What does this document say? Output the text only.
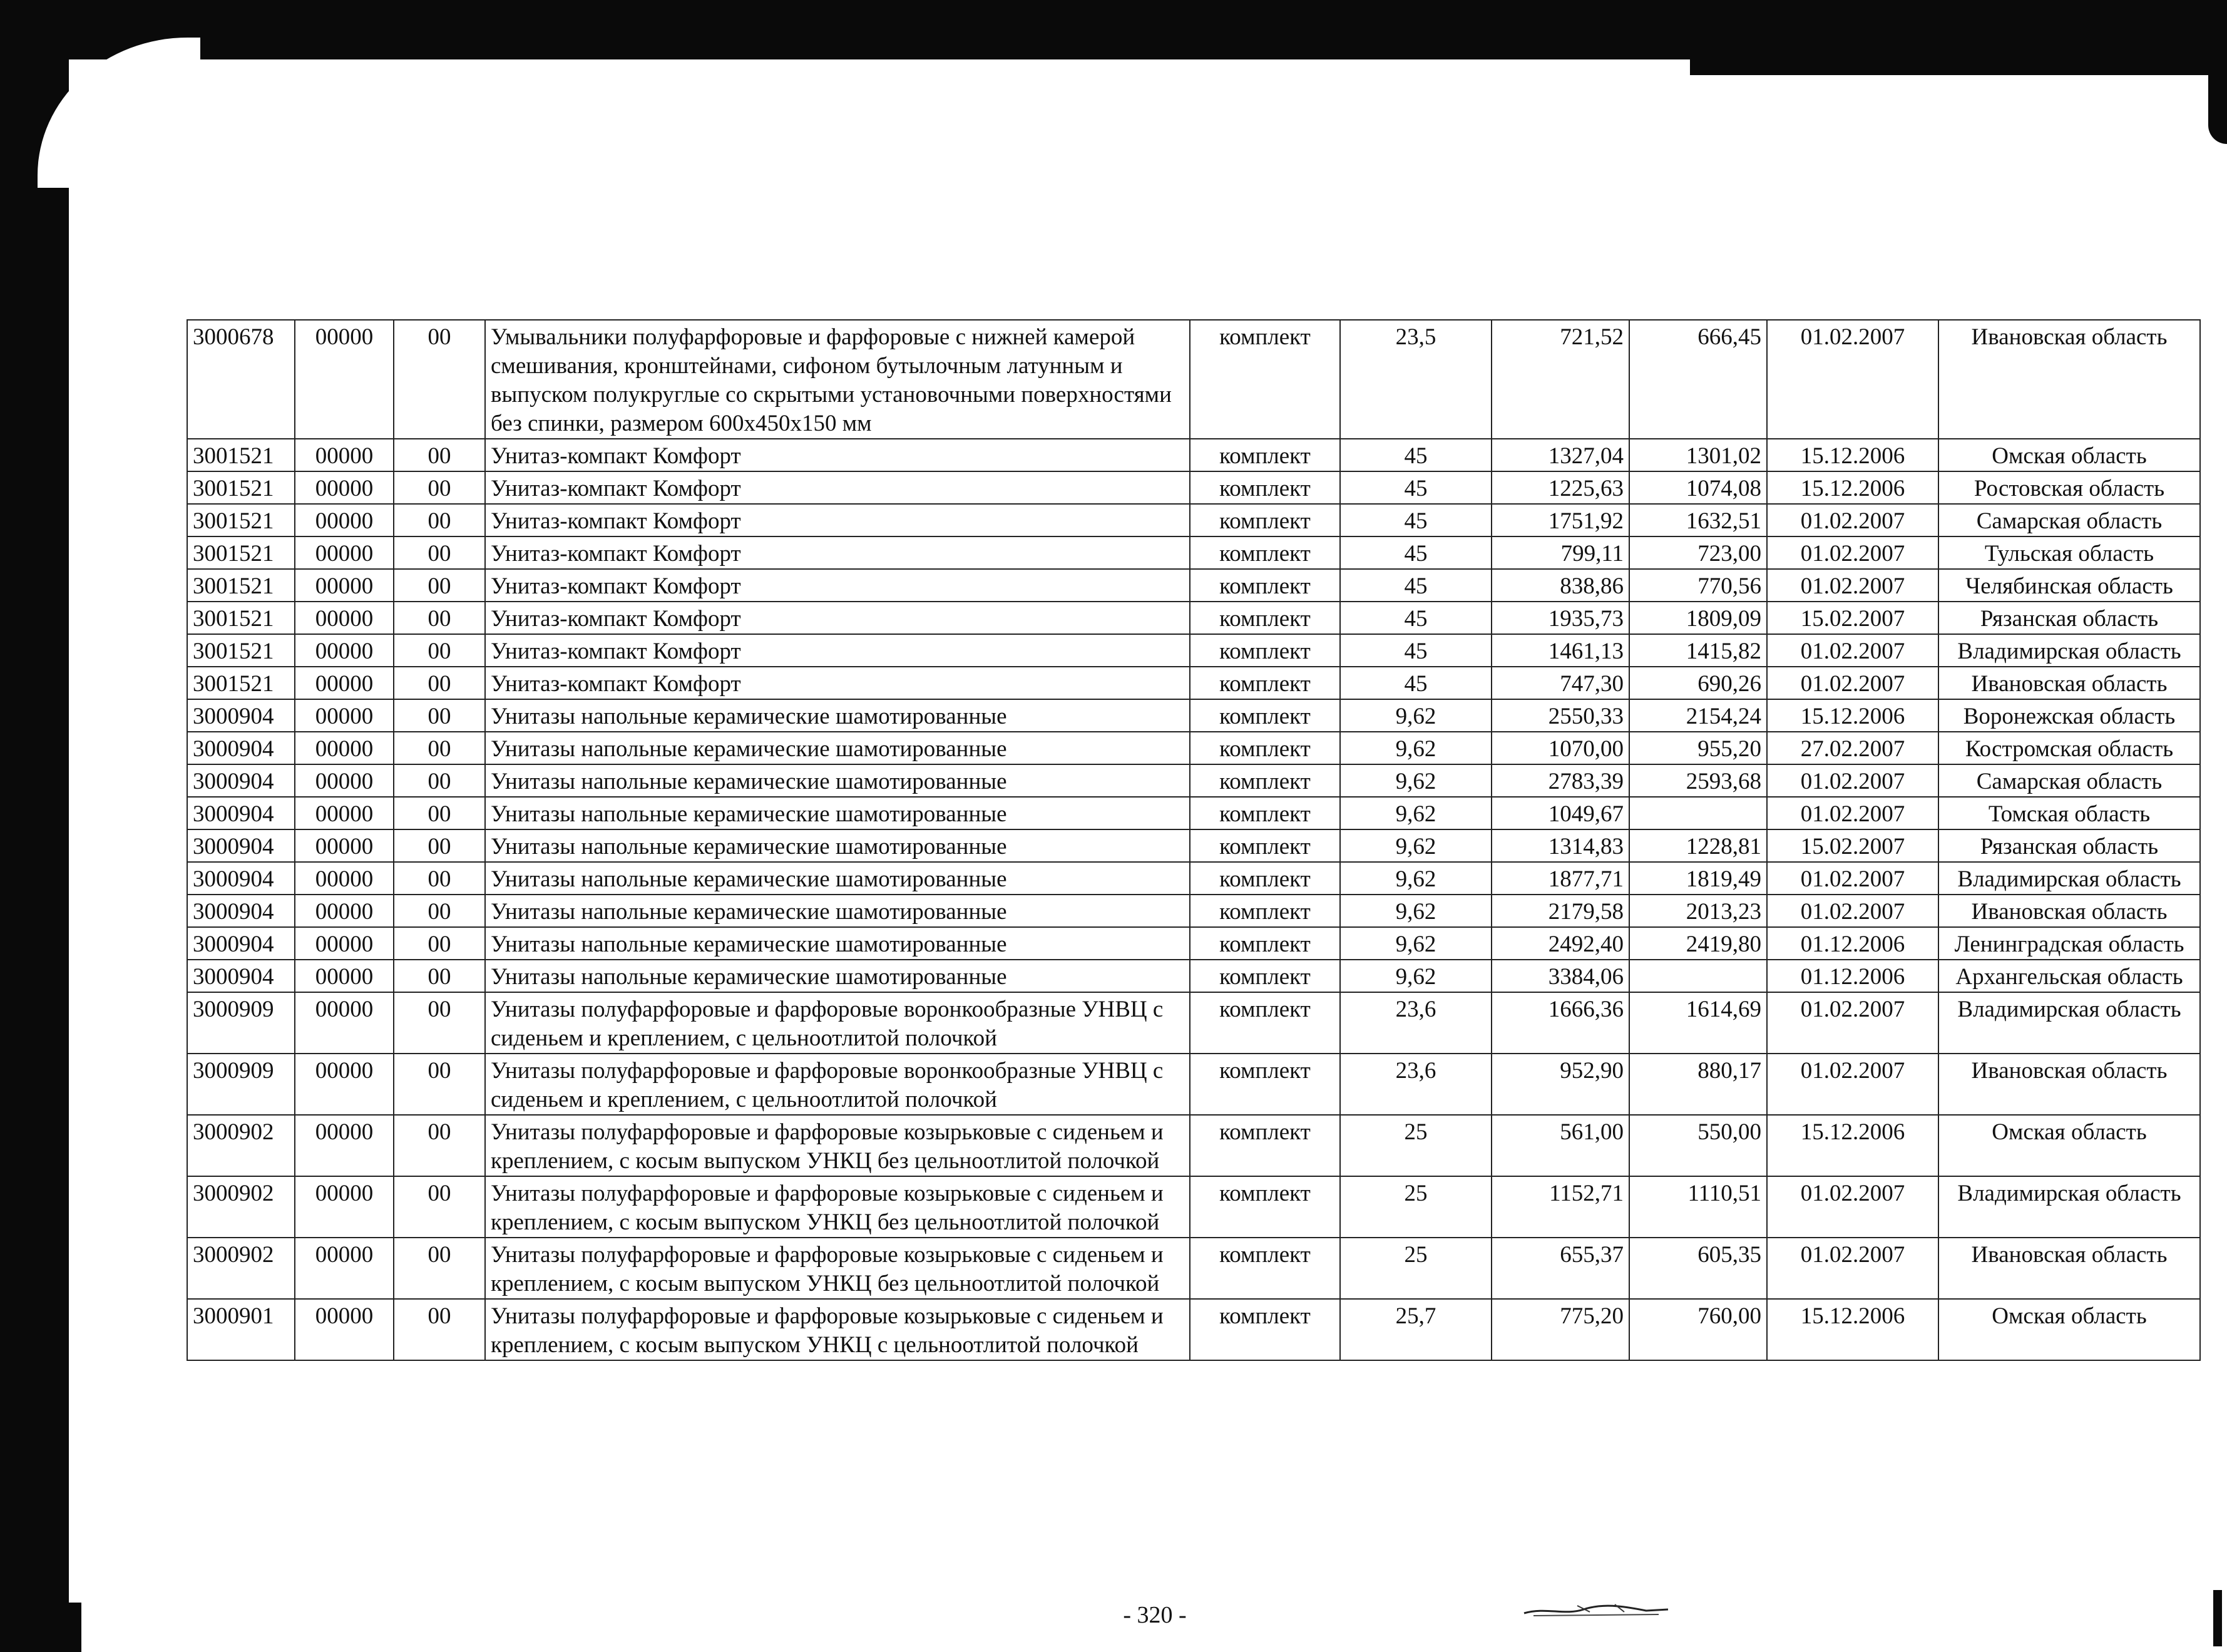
3000678	00000	00	Умывальники полуфарфоровые и фарфоровые с нижней камерой смешивания, кронштейнами, сифоном бутылочным латунным и выпуском полукруглые со скрытыми установочными поверхностями без спинки, размером 600х450х150 мм	комплект	23,5	721,52	666,45	01.02.2007	Ивановская область
3001521	00000	00	Унитаз-компакт Комфорт	комплект	45	1327,04	1301,02	15.12.2006	Омская область
3001521	00000	00	Унитаз-компакт Комфорт	комплект	45	1225,63	1074,08	15.12.2006	Ростовская область
3001521	00000	00	Унитаз-компакт Комфорт	комплект	45	1751,92	1632,51	01.02.2007	Самарская область
3001521	00000	00	Унитаз-компакт Комфорт	комплект	45	799,11	723,00	01.02.2007	Тульская область
3001521	00000	00	Унитаз-компакт Комфорт	комплект	45	838,86	770,56	01.02.2007	Челябинская область
3001521	00000	00	Унитаз-компакт Комфорт	комплект	45	1935,73	1809,09	15.02.2007	Рязанская область
3001521	00000	00	Унитаз-компакт Комфорт	комплект	45	1461,13	1415,82	01.02.2007	Владимирская область
3001521	00000	00	Унитаз-компакт Комфорт	комплект	45	747,30	690,26	01.02.2007	Ивановская область
3000904	00000	00	Унитазы напольные керамические шамотированные	комплект	9,62	2550,33	2154,24	15.12.2006	Воронежская область
3000904	00000	00	Унитазы напольные керамические шамотированные	комплект	9,62	1070,00	955,20	27.02.2007	Костромская область
3000904	00000	00	Унитазы напольные керамические шамотированные	комплект	9,62	2783,39	2593,68	01.02.2007	Самарская область
3000904	00000	00	Унитазы напольные керамические шамотированные	комплект	9,62	1049,67		01.02.2007	Томская область
3000904	00000	00	Унитазы напольные керамические шамотированные	комплект	9,62	1314,83	1228,81	15.02.2007	Рязанская область
3000904	00000	00	Унитазы напольные керамические шамотированные	комплект	9,62	1877,71	1819,49	01.02.2007	Владимирская область
3000904	00000	00	Унитазы напольные керамические шамотированные	комплект	9,62	2179,58	2013,23	01.02.2007	Ивановская область
3000904	00000	00	Унитазы напольные керамические шамотированные	комплект	9,62	2492,40	2419,80	01.12.2006	Ленинградская область
3000904	00000	00	Унитазы напольные керамические шамотированные	комплект	9,62	3384,06		01.12.2006	Архангельская область
3000909	00000	00	Унитазы полуфарфоровые и фарфоровые воронкообразные УНВЦ с сиденьем и креплением, с цельноотлитой полочкой	комплект	23,6	1666,36	1614,69	01.02.2007	Владимирская область
3000909	00000	00	Унитазы полуфарфоровые и фарфоровые воронкообразные УНВЦ с сиденьем и креплением, с цельноотлитой полочкой	комплект	23,6	952,90	880,17	01.02.2007	Ивановская область
3000902	00000	00	Унитазы полуфарфоровые и фарфоровые козырьковые с сиденьем и креплением, с косым выпуском УНКЦ без цельноотлитой полочкой	комплект	25	561,00	550,00	15.12.2006	Омская область
3000902	00000	00	Унитазы полуфарфоровые и фарфоровые козырьковые с сиденьем и креплением, с косым выпуском УНКЦ без цельноотлитой полочкой	комплект	25	1152,71	1110,51	01.02.2007	Владимирская область
3000902	00000	00	Унитазы полуфарфоровые и фарфоровые козырьковые с сиденьем и креплением, с косым выпуском УНКЦ без цельноотлитой полочкой	комплект	25	655,37	605,35	01.02.2007	Ивановская область
3000901	00000	00	Унитазы полуфарфоровые и фарфоровые козырьковые с сиденьем и креплением, с косым выпуском УНКЦ с цельноотлитой полочкой	комплект	25,7	775,20	760,00	15.12.2006	Омская область
- 320 -
